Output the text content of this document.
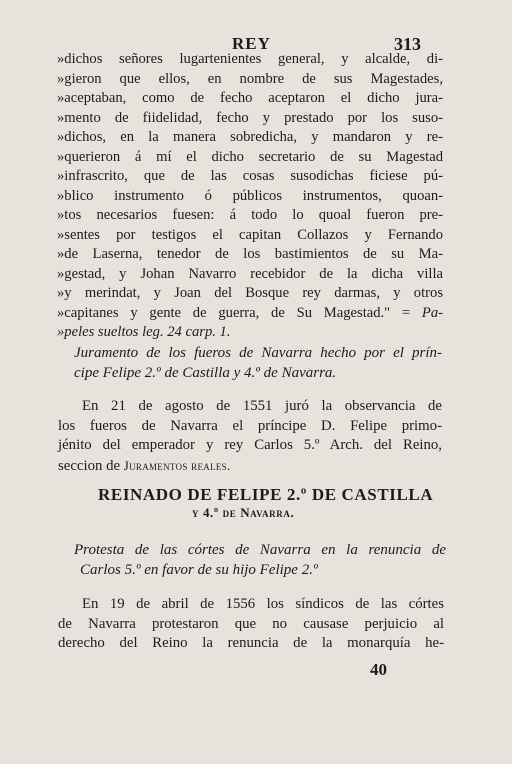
REY	313
»dichos señores lugartenientes general, y alcalde, di-
»gieron que ellos, en nombre de sus Magestades,
»aceptaban, como de fecho aceptaron el dicho jura-
»mento de fiidelidad, fecho y prestado por los suso-
»dichos, en la manera sobredicha, y mandaron y re-
»querieron á mí el dicho secretario de su Magestad
»infrascrito, que de las cosas susodichas ficiese pú-
»blico instrumento ó públicos instrumentos, quoan-
»tos necesarios fuesen: á todo lo quoal fueron pre-
»sentes por testigos el capitan Collazos y Fernando
»de Laserna, tenedor de los bastimientos de su Ma-
»gestad, y Johan Navarro recebidor de la dicha villa
»y merindat, y Joan del Bosque rey darmas, y otros
»capitanes y gente de guerra, de Su Magestad." = Pa-
»peles sueltos leg. 24 carp. 1.
Juramento de los fueros de Navarra hecho por el prín-
cipe Felipe 2.º de Castilla y 4.º de Navarra.
En 21 de agosto de 1551 juró la observancia de
los fueros de Navarra el príncipe D. Felipe primo-
jénito del emperador y rey Carlos 5.º Arch. del Reino,
seccion de Juramentos reales.
REINADO DE FELIPE 2.º DE CASTILLA
y 4.º de Navarra.
Protesta de las córtes de Navarra en la renuncia de
Carlos 5.º en favor de su hijo Felipe 2.º
En 19 de abril de 1556 los síndicos de las córtes
de Navarra protestaron que no causase perjuicio al
derecho del Reino la renuncia de la monarquía he-
40
